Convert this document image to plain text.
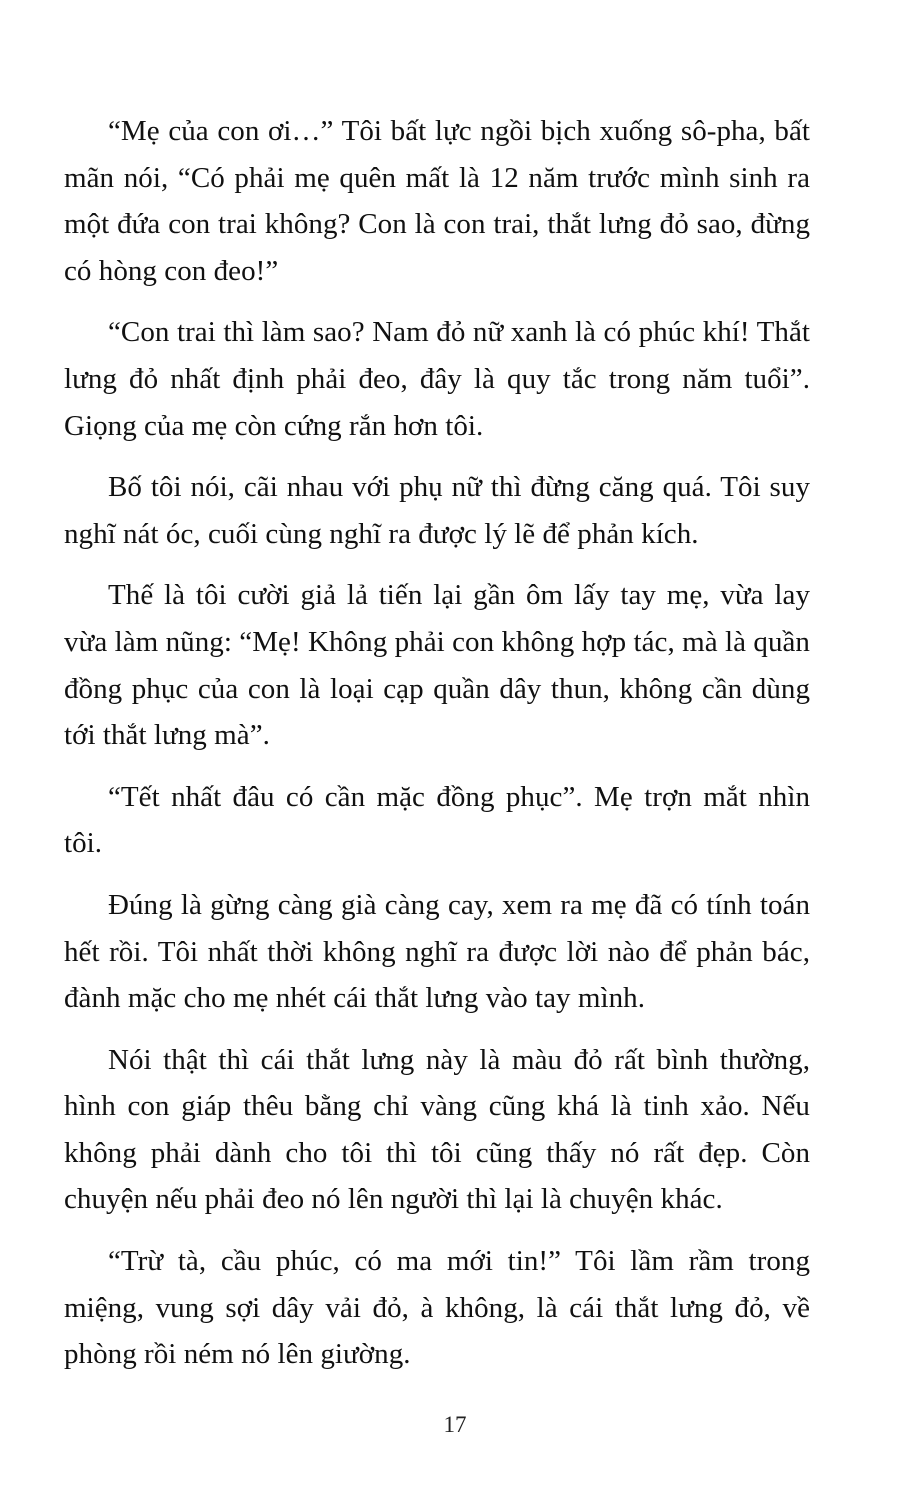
“Mẹ của con ơi…” Tôi bất lực ngồi bịch xuống sô-pha, bất mãn nói, “Có phải mẹ quên mất là 12 năm trước mình sinh ra một đứa con trai không? Con là con trai, thắt lưng đỏ sao, đừng có hòng con đeo!”

“Con trai thì làm sao? Nam đỏ nữ xanh là có phúc khí! Thắt lưng đỏ nhất định phải đeo, đây là quy tắc trong năm tuổi”. Giọng của mẹ còn cứng rắn hơn tôi.

Bố tôi nói, cãi nhau với phụ nữ thì đừng căng quá. Tôi suy nghĩ nát óc, cuối cùng nghĩ ra được lý lẽ để phản kích.

Thế là tôi cười giả lả tiến lại gần ôm lấy tay mẹ, vừa lay vừa làm nũng: “Mẹ! Không phải con không hợp tác, mà là quần đồng phục của con là loại cạp quần dây thun, không cần dùng tới thắt lưng mà”.

“Tết nhất đâu có cần mặc đồng phục”. Mẹ trợn mắt nhìn tôi.

Đúng là gừng càng già càng cay, xem ra mẹ đã có tính toán hết rồi. Tôi nhất thời không nghĩ ra được lời nào để phản bác, đành mặc cho mẹ nhét cái thắt lưng vào tay mình.

Nói thật thì cái thắt lưng này là màu đỏ rất bình thường, hình con giáp thêu bằng chỉ vàng cũng khá là tinh xảo. Nếu không phải dành cho tôi thì tôi cũng thấy nó rất đẹp. Còn chuyện nếu phải đeo nó lên người thì lại là chuyện khác.

“Trừ tà, cầu phúc, có ma mới tin!” Tôi lầm rầm trong miệng, vung sợi dây vải đỏ, à không, là cái thắt lưng đỏ, về phòng rồi ném nó lên giường.

17
